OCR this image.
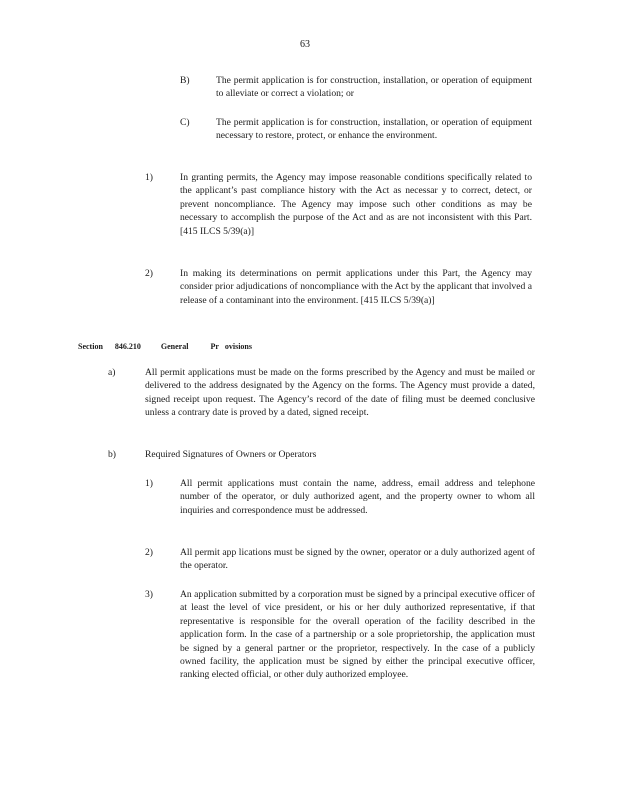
63
B)	The permit application is for construction, installation, or operation of equipment to alleviate or correct a violation; or
C)	The permit application is for construction, installation, or operation of equipment necessary to restore, protect, or enhance the environment.
1)	In granting permits, the Agency may impose reasonable conditions specifically related to the applicant’s past compliance history with the Act as necessar y to correct, detect, or prevent noncompliance. The Agency may impose such other conditions as may be necessary to accomplish the purpose of the Act and as are not inconsistent with this Part. [415 ILCS 5/39(a)]
2)	In making its determinations on permit applications under this Part, the Agency may consider prior adjudications of noncompliance with the Act by the applicant that involved a release of a contaminant into the environment. [415 ILCS 5/39(a)]
Section 846.210	General	Pr ovisions
a)	All permit applications must be made on the forms prescribed by the Agency and must be mailed or delivered to the address designated by the Agency on the forms. The Agency must provide a dated, signed receipt upon request. The Agency’s record of the date of filing must be deemed conclusive unless a contrary date is proved by a dated, signed receipt.
b)	Required Signatures of Owners or Operators
1)	All permit applications must contain the name, address, email address and telephone number of the operator, or duly authorized agent, and the property owner to whom all inquiries and correspondence must be addressed.
2)	All permit app lications must be signed by the owner, operator or a duly authorized agent of the operator.
3)	An application submitted by a corporation must be signed by a principal executive officer of at least the level of vice president, or his or her duly authorized representative, if that representative is responsible for the overall operation of the facility described in the application form. In the case of a partnership or a sole proprietorship, the application must be signed by a general partner or the proprietor, respectively. In the case of a publicly owned facility, the application must be signed by either the principal executive officer, ranking elected official, or other duly authorized employee.
